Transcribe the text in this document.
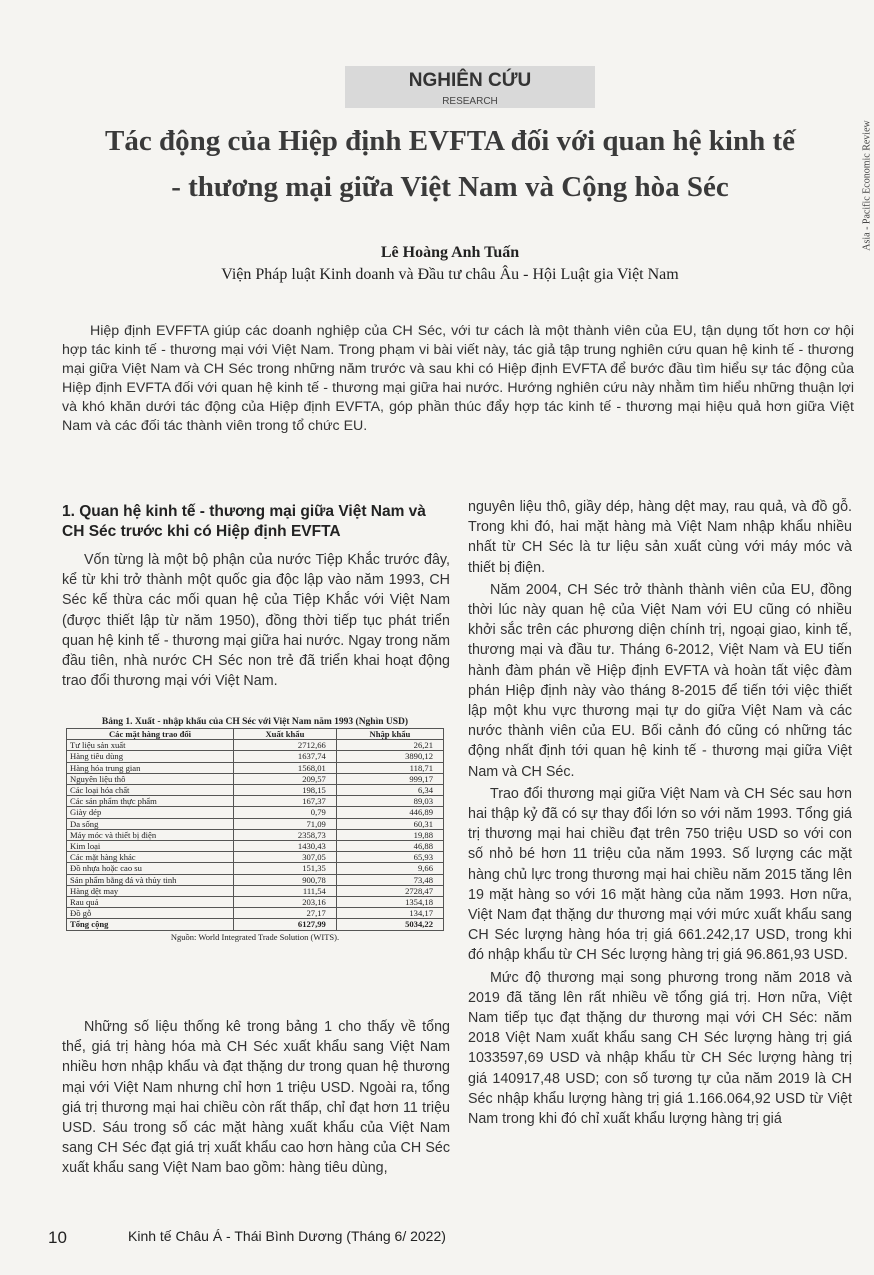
NGHIÊN CỨU
RESEARCH
Asia - Pacific Economic Review
Tác động của Hiệp định EVFTA đối với quan hệ kinh tế
- thương mại giữa Việt Nam và Cộng hòa Séc
Lê Hoàng Anh Tuấn
Viện Pháp luật Kinh doanh và Đầu tư châu Âu - Hội Luật gia Việt Nam

Hiệp định EVFFTA giúp các doanh nghiệp của CH Séc, với tư cách là một thành viên của EU, tận dụng tốt hơn cơ hội hợp tác kinh tế - thương mại với Việt Nam. Trong phạm vi bài viết này, tác giả tập trung nghiên cứu quan hệ kinh tế - thương mại giữa Việt Nam và CH Séc trong những năm trước và sau khi có Hiệp định EVFTA để bước đầu tìm hiểu sự tác động của Hiệp định EVFTA đối với quan hệ kinh tế - thương mại giữa hai nước. Hướng nghiên cứu này nhằm tìm hiểu những thuận lợi và khó khăn dưới tác động của Hiệp định EVFTA, góp phần thúc đẩy hợp tác kinh tế - thương mại hiệu quả hơn giữa Việt Nam và các đối tác thành viên trong tổ chức EU.

1. Quan hệ kinh tế - thương mại giữa Việt Nam và CH Séc trước khi có Hiệp định EVFTA

Vốn từng là một bộ phận của nước Tiệp Khắc trước đây, kể từ khi trở thành một quốc gia độc lập vào năm 1993, CH Séc kế thừa các mối quan hệ của Tiệp Khắc với Việt Nam (được thiết lập từ năm 1950), đồng thời tiếp tục phát triển quan hệ kinh tế - thương mại giữa hai nước. Ngay trong năm đầu tiên, nhà nước CH Séc non trẻ đã triển khai hoạt động trao đổi thương mại với Việt Nam.

Bảng 1. Xuất - nhập khẩu của CH Séc với Việt Nam năm 1993 (Nghìn USD)
Các mặt hàng trao đổi	Xuất khẩu	Nhập khẩu
Tư liệu sản xuất	2712,66	26,21
Hàng tiêu dùng	1637,74	3890,12
Hàng hóa trung gian	1568,01	118,71
Nguyên liệu thô	209,57	999,17
Các loại hóa chất	198,15	6,34
Các sản phẩm thực phẩm	167,37	89,03
Giày dép	0,79	446,89
Da sống	71,09	60,31
Máy móc và thiết bị điện	2358,73	19,88
Kim loại	1430,43	46,88
Các mặt hàng khác	307,05	65,93
Đồ nhựa hoặc cao su	151,35	9,66
Sản phẩm bằng đá và thủy tinh	900,78	73,48
Hàng dệt may	111,54	2728,47
Rau quả	203,16	1354,18
Đồ gỗ	27,17	134,17
Tổng cộng	6127,99	5034,22
Nguồn: World Integrated Trade Solution (WITS).

Những số liệu thống kê trong bảng 1 cho thấy về tổng thể, giá trị hàng hóa mà CH Séc xuất khẩu sang Việt Nam nhiều hơn nhập khẩu và đạt thặng dư trong quan hệ thương mại với Việt Nam nhưng chỉ hơn 1 triệu USD. Ngoài ra, tổng giá trị thương mại hai chiều còn rất thấp, chỉ đạt hơn 11 triệu USD. Sáu trong số các mặt hàng xuất khẩu của Việt Nam sang CH Séc đạt giá trị xuất khẩu cao hơn hàng của CH Séc xuất khẩu sang Việt Nam bao gồm: hàng tiêu dùng,

nguyên liệu thô, giầy dép, hàng dệt may, rau quả, và đồ gỗ. Trong khi đó, hai mặt hàng mà Việt Nam nhập khẩu nhiều nhất từ CH Séc là tư liệu sản xuất cùng với máy móc và thiết bị điện.

Năm 2004, CH Séc trở thành thành viên của EU, đồng thời lúc này quan hệ của Việt Nam với EU cũng có nhiều khởi sắc trên các phương diện chính trị, ngoại giao, kinh tế, thương mại và đầu tư. Tháng 6-2012, Việt Nam và EU tiến hành đàm phán về Hiệp định EVFTA và hoàn tất việc đàm phán Hiệp định này vào tháng 8-2015 để tiến tới việc thiết lập một khu vực thương mại tự do giữa Việt Nam và các nước thành viên của EU. Bối cảnh đó cũng có những tác động nhất định tới quan hệ kinh tế - thương mại giữa Việt Nam và CH Séc.

Trao đổi thương mại giữa Việt Nam và CH Séc sau hơn hai thập kỷ đã có sự thay đổi lớn so với năm 1993. Tổng giá trị thương mại hai chiều đạt trên 750 triệu USD so với con số nhỏ bé hơn 11 triệu của năm 1993. Số lượng các mặt hàng chủ lực trong thương mại hai chiều năm 2015 tăng lên 19 mặt hàng so với 16 mặt hàng của năm 1993. Hơn nữa, Việt Nam đạt thặng dư thương mại với mức xuất khẩu sang CH Séc lượng hàng hóa trị giá 661.242,17 USD, trong khi đó nhập khẩu từ CH Séc lượng hàng trị giá 96.861,93 USD.

Mức độ thương mại song phương trong năm 2018 và 2019 đã tăng lên rất nhiều về tổng giá trị. Hơn nữa, Việt Nam tiếp tục đạt thặng dư thương mại với CH Séc: năm 2018 Việt Nam xuất khẩu sang CH Séc lượng hàng trị giá 1033597,69 USD và nhập khẩu từ CH Séc lượng hàng trị giá 140917,48 USD; con số tương tự của năm 2019 là CH Séc nhập khẩu lượng hàng trị giá 1.166.064,92 USD từ Việt Nam trong khi đó chỉ xuất khẩu lượng hàng trị giá

10	Kinh tế Châu Á - Thái Bình Dương (Tháng 6/ 2022)
